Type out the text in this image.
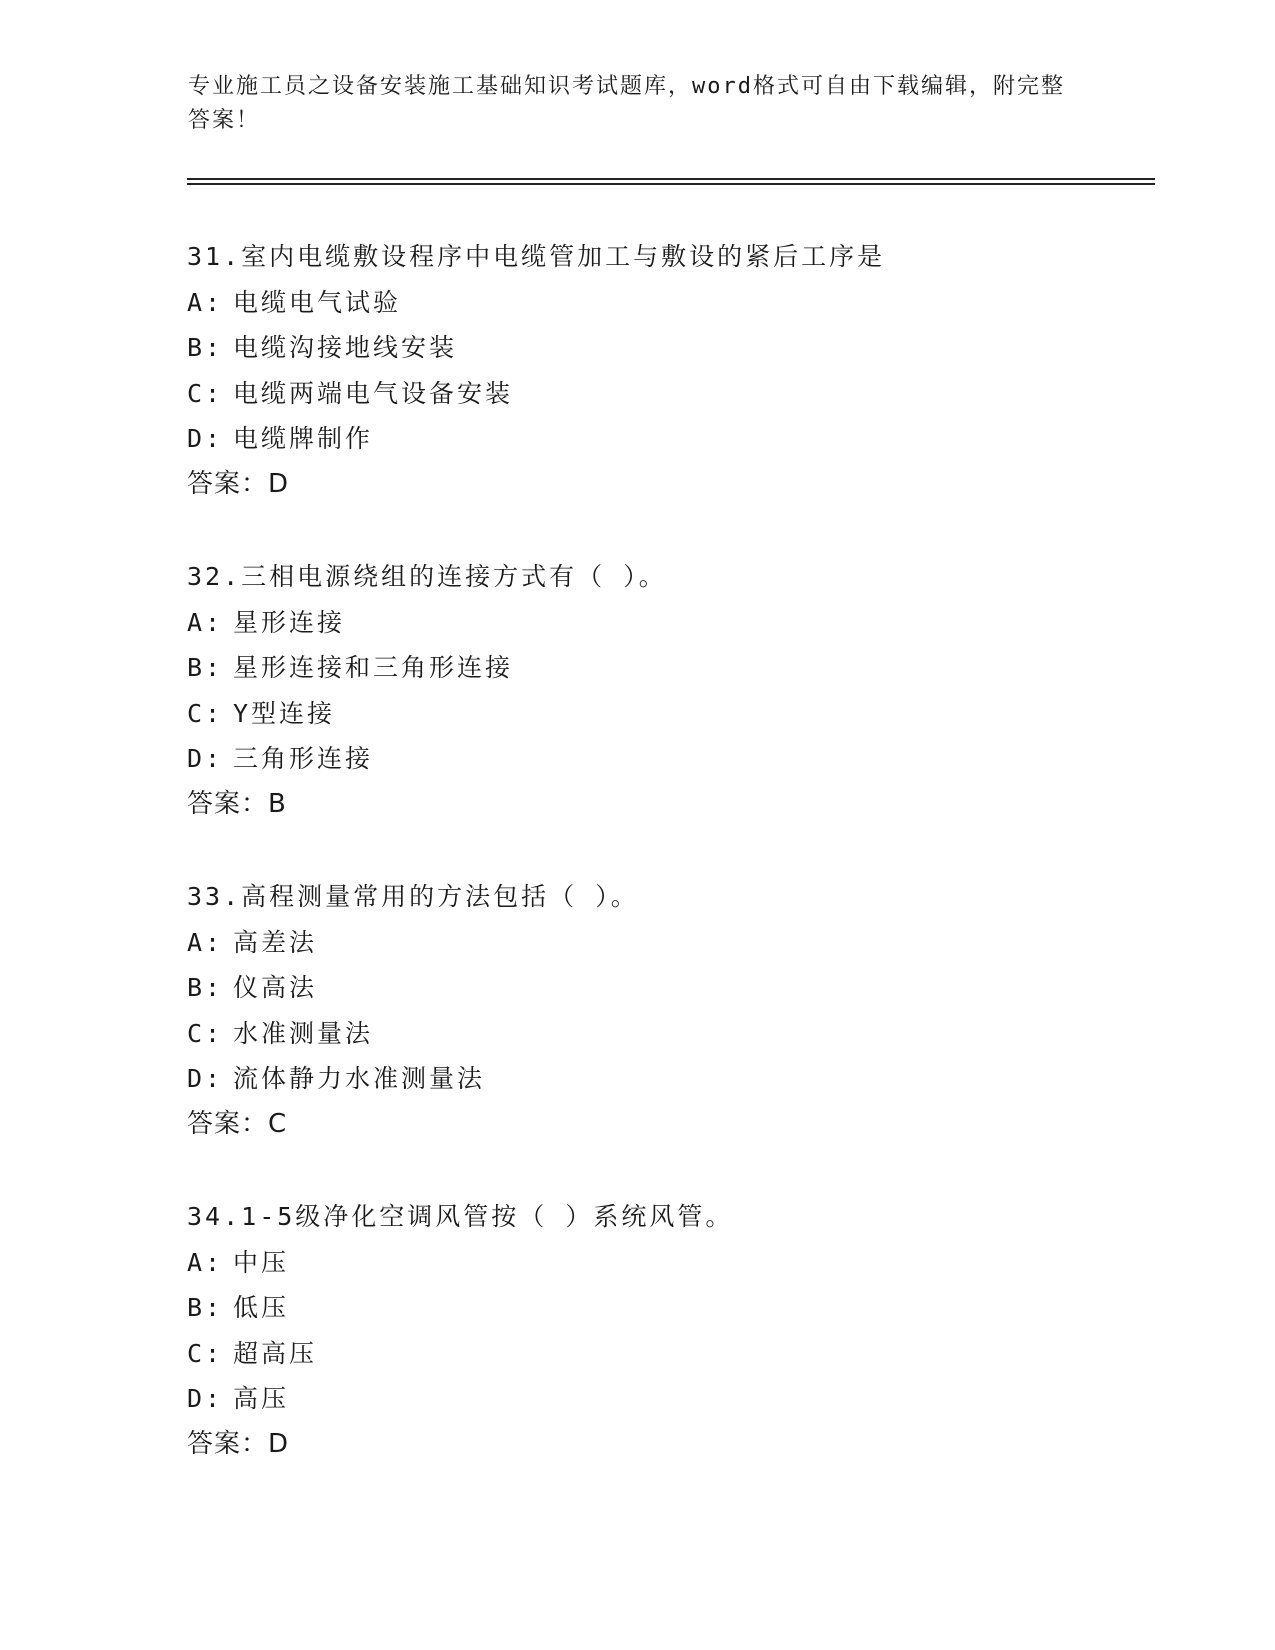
专业施工员之设备安装施工基础知识考试题库，word格式可自由下载编辑，附完整答案！
31.室内电缆敷设程序中电缆管加工与敷设的紧后工序是
A: 电缆电气试验
B: 电缆沟接地线安装
C: 电缆两端电气设备安装
D: 电缆牌制作
答案：D
32.三相电源绕组的连接方式有（ ）。
A: 星形连接
B: 星形连接和三角形连接
C: Y型连接
D: 三角形连接
答案：B
33.高程测量常用的方法包括（ ）。
A: 高差法
B: 仪高法
C: 水准测量法
D: 流体静力水准测量法
答案：C
34.1-5级净化空调风管按（ ）系统风管。
A: 中压
B: 低压
C: 超高压
D: 高压
答案：D
